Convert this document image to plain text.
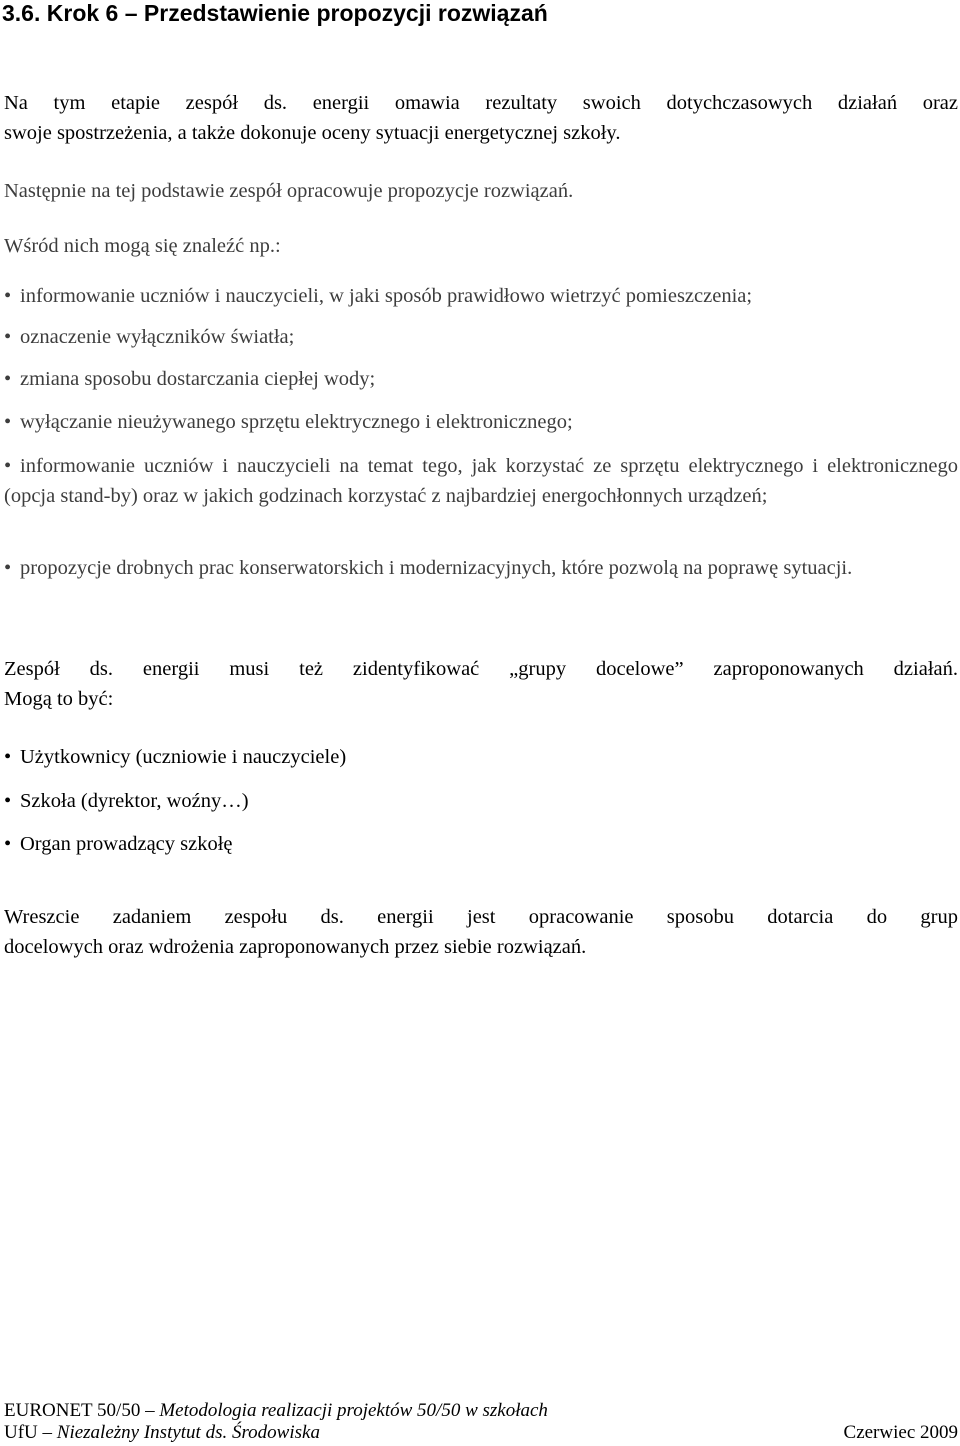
3.6. Krok 6 – Przedstawienie propozycji rozwiązań

Na tym etapie zespół ds. energii omawia rezultaty swoich dotychczasowych działań oraz

swoje spostrzeżenia, a także dokonuje oceny sytuacji energetycznej szkoły.

Następnie na tej podstawie zespół opracowuje propozycje rozwiązań.

Wśród nich mogą się znaleźć np.:

• informowanie uczniów i nauczycieli, w jaki sposób prawidłowo wietrzyć pomieszczenia;

• oznaczenie wyłączników światła;

• zmiana sposobu dostarczania ciepłej wody;

• wyłączanie nieużywanego sprzętu elektrycznego i elektronicznego;

• informowanie uczniów i nauczycieli na temat tego, jak korzystać ze sprzętu elektrycznego i elektronicznego (opcja stand-by) oraz w jakich godzinach korzystać z najbardziej energochłonnych urządzeń;

• propozycje drobnych prac konserwatorskich i modernizacyjnych, które pozwolą na poprawę sytuacji.

Zespół ds. energii musi też zidentyfikować „grupy docelowe” zaproponowanych działań.

Mogą to być:

• Użytkownicy (uczniowie i nauczyciele)

• Szkoła (dyrektor, woźny…)

• Organ prowadzący szkołę

Wreszcie zadaniem zespołu ds. energii jest opracowanie sposobu dotarcia do grup

docelowych oraz wdrożenia zaproponowanych przez siebie rozwiązań.

EURONET 50/50 – Metodologia realizacji projektów 50/50 w szkołach
UfU – Niezależny Instytut ds. Środowiska	Czerwiec 2009
